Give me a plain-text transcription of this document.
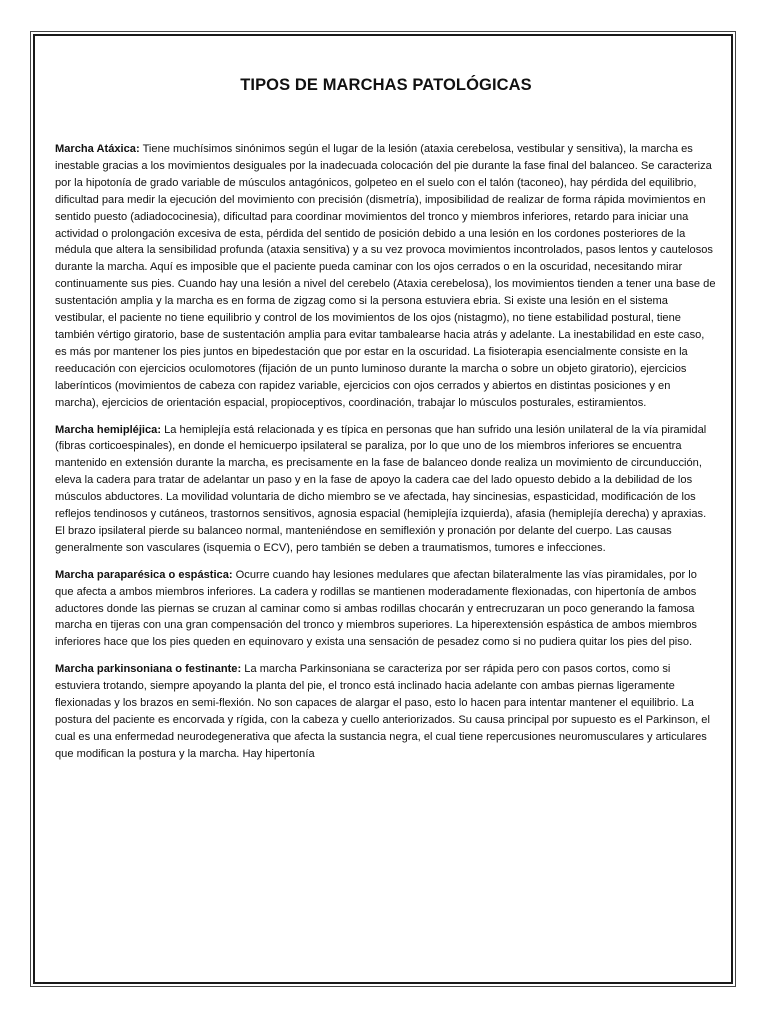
TIPOS DE MARCHAS PATOLÓGICAS

Marcha Atáxica: Tiene muchísimos sinónimos según el lugar de la lesión (ataxia cerebelosa, vestibular y sensitiva), la marcha es inestable gracias a los movimientos desiguales por la inadecuada colocación del pie durante la fase final del balanceo. Se caracteriza por la hipotonía de grado variable de músculos antagónicos, golpeteo en el suelo con el talón (taconeo), hay pérdida del equilibrio, dificultad para medir la ejecución del movimiento con precisión (dismetría), imposibilidad de realizar de forma rápida movimientos en sentido puesto (adiadococinesia), dificultad para coordinar movimientos del tronco y miembros inferiores, retardo para iniciar una actividad o prolongación excesiva de esta, pérdida del sentido de posición debido a una lesión en los cordones posteriores de la médula que altera la sensibilidad profunda (ataxia sensitiva) y a su vez provoca movimientos incontrolados, pasos lentos y cautelosos durante la marcha. Aquí es imposible que el paciente pueda caminar con los ojos cerrados o en la oscuridad, necesitando mirar continuamente sus pies. Cuando hay una lesión a nivel del cerebelo (Ataxia cerebelosa), los movimientos tienden a tener una base de sustentación amplia y la marcha es en forma de zigzag como si la persona estuviera ebria. Si existe una lesión en el sistema vestibular, el paciente no tiene equilibrio y control de los movimientos de los ojos (nistagmo), no tiene estabilidad postural, tiene también vértigo giratorio, base de sustentación amplia para evitar tambalearse hacia atrás y adelante. La inestabilidad en este caso, es más por mantener los pies juntos en bipedestación que por estar en la oscuridad. La fisioterapia esencialmente consiste en la reeducación con ejercicios oculomotores (fijación de un punto luminoso durante la marcha o sobre un objeto giratorio), ejercicios laberínticos (movimientos de cabeza con rapidez variable, ejercicios con ojos cerrados y abiertos en distintas posiciones y en marcha), ejercicios de orientación espacial, propioceptivos, coordinación, trabajar lo músculos posturales, estiramientos.

Marcha hemipléjica: La hemiplejía está relacionada y es típica en personas que han sufrido una lesión unilateral de la vía piramidal (fibras corticoespinales), en donde el hemicuerpo ipsilateral se paraliza, por lo que uno de los miembros inferiores se encuentra mantenido en extensión durante la marcha, es precisamente en la fase de balanceo donde realiza un movimiento de circunducción, eleva la cadera para tratar de adelantar un paso y en la fase de apoyo la cadera cae del lado opuesto debido a la debilidad de los músculos abductores. La movilidad voluntaria de dicho miembro se ve afectada, hay sincinesias, espasticidad, modificación de los reflejos tendinosos y cutáneos, trastornos sensitivos, agnosia espacial (hemiplejía izquierda), afasia (hemiplejía derecha) y apraxias. El brazo ipsilateral pierde su balanceo normal, manteniéndose en semiflexión y pronación por delante del cuerpo. Las causas generalmente son vasculares (isquemia o ECV), pero también se deben a traumatismos, tumores e infecciones.

Marcha paraparésica o espástica: Ocurre cuando hay lesiones medulares que afectan bilateralmente las vías piramidales, por lo que afecta a ambos miembros inferiores. La cadera y rodillas se mantienen moderadamente flexionadas, con hipertonía de ambos aductores donde las piernas se cruzan al caminar como si ambas rodillas chocarán y entrecruzaran un poco generando la famosa marcha en tijeras con una gran compensación del tronco y miembros superiores. La hiperextensión espástica de ambos miembros inferiores hace que los pies queden en equinovaro y exista una sensación de pesadez como si no pudiera quitar los pies del piso.

Marcha parkinsoniana o festinante: La marcha Parkinsoniana se caracteriza por ser rápida pero con pasos cortos, como si estuviera trotando, siempre apoyando la planta del pie, el tronco está inclinado hacia adelante con ambas piernas ligeramente flexionadas y los brazos en semi-flexión. No son capaces de alargar el paso, esto lo hacen para intentar mantener el equilibrio. La postura del paciente es encorvada y rígida, con la cabeza y cuello anteriorizados. Su causa principal por supuesto es el Parkinson, el cual es una enfermedad neurodegenerativa que afecta la sustancia negra, el cual tiene repercusiones neuromusculares y articulares que modifican la postura y la marcha. Hay hipertonía
